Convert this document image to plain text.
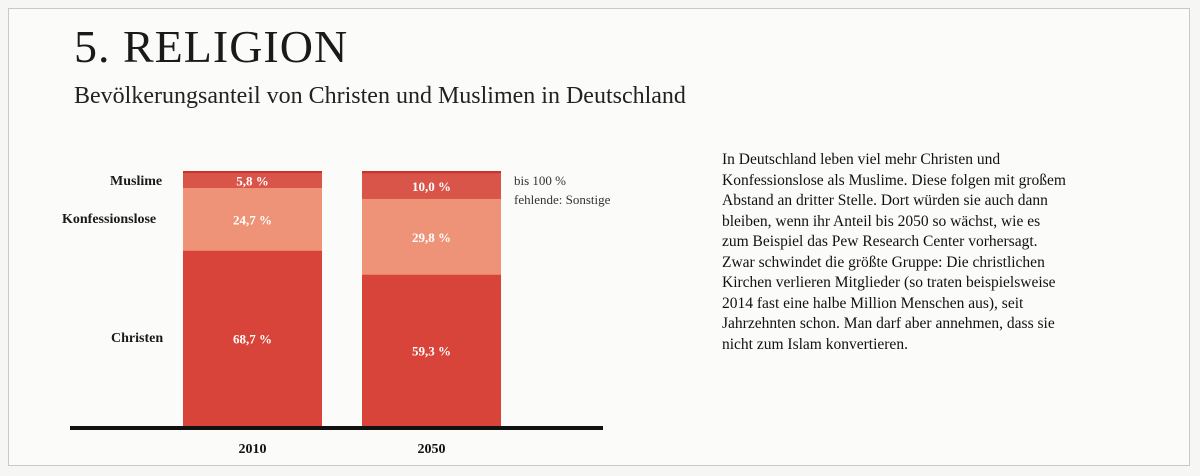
5. RELIGION
Bevölkerungsanteil von Christen und Muslimen in Deutschland
Muslime
Konfessionslose
Christen
bis 100 %
fehlende: Sonstige
68,7 %
24,7 %
5,8 %
2010
59,3 %
29,8 %
10,0 %
2050
In Deutschland leben viel mehr Christen und
Konfessionslose als Muslime. Diese folgen mit großem
Abstand an dritter Stelle. Dort würden sie auch dann
bleiben, wenn ihr Anteil bis 2050 so wächst, wie es
zum Beispiel das Pew Research Center vorhersagt.
Zwar schwindet die größte Gruppe: Die christlichen
Kirchen verlieren Mitglieder (so traten beispielsweise
2014 fast eine halbe Million Menschen aus), seit
Jahrzehnten schon. Man darf aber annehmen, dass sie
nicht zum Islam konvertieren.
